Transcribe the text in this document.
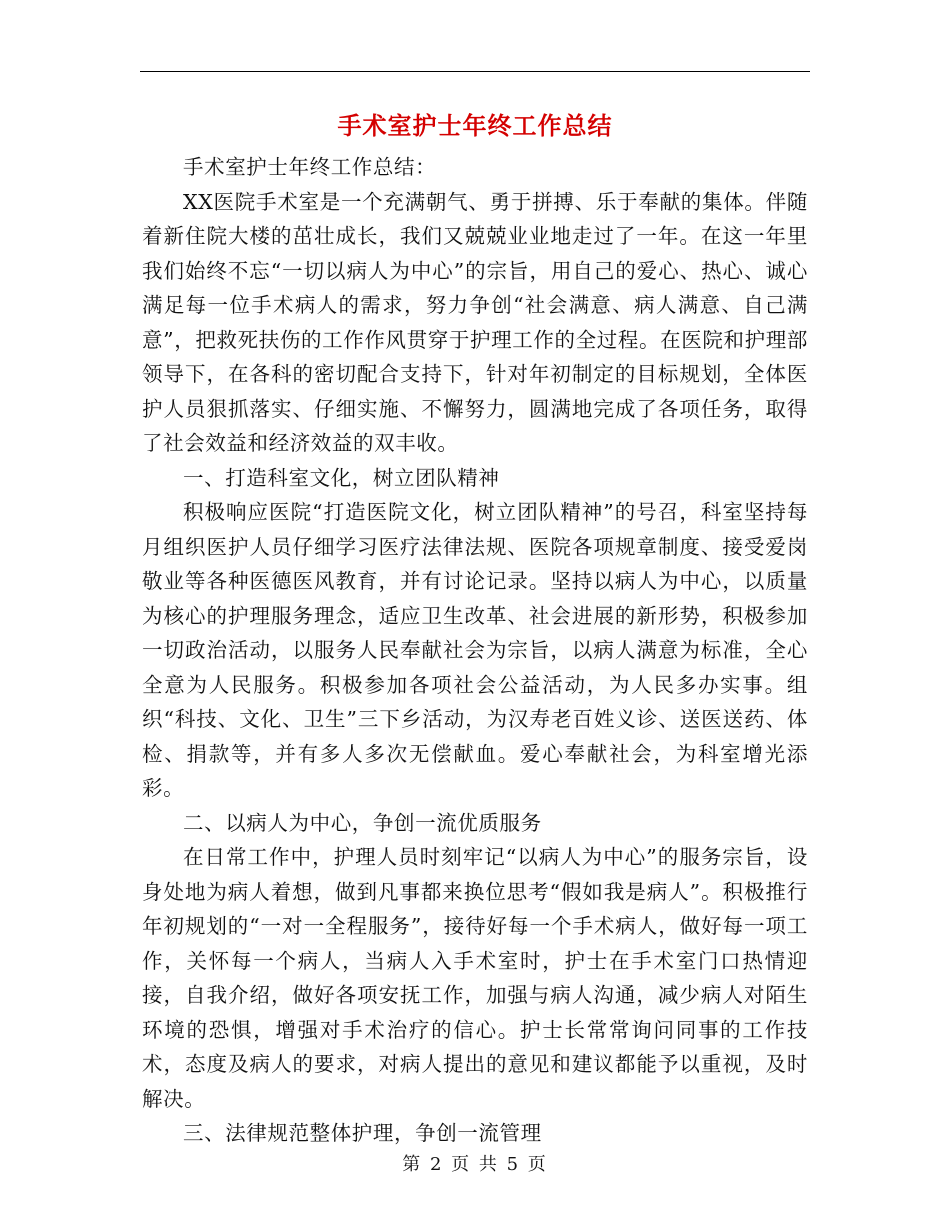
手术室护士年终工作总结

手术室护士年终工作总结：

XX医院手术室是一个充满朝气、勇于拼搏、乐于奉献的集体。伴随着新住院大楼的茁壮成长，我们又兢兢业业地走过了一年。在这一年里我们始终不忘“一切以病人为中心”的宗旨，用自己的爱心、热心、诚心满足每一位手术病人的需求，努力争创“社会满意、病人满意、自己满意”，把救死扶伤的工作作风贯穿于护理工作的全过程。在医院和护理部领导下，在各科的密切配合支持下，针对年初制定的目标规划，全体医护人员狠抓落实、仔细实施、不懈努力，圆满地完成了各项任务，取得了社会效益和经济效益的双丰收。

一、打造科室文化，树立团队精神

积极响应医院“打造医院文化，树立团队精神”的号召，科室坚持每月组织医护人员仔细学习医疗法律法规、医院各项规章制度、接受爱岗敬业等各种医德医风教育，并有讨论记录。坚持以病人为中心，以质量为核心的护理服务理念，适应卫生改革、社会进展的新形势，积极参加一切政治活动，以服务人民奉献社会为宗旨，以病人满意为标准，全心全意为人民服务。积极参加各项社会公益活动，为人民多办实事。组织“科技、文化、卫生”三下乡活动，为汉寿老百姓义诊、送医送药、体检、捐款等，并有多人多次无偿献血。爱心奉献社会，为科室增光添彩。

二、以病人为中心，争创一流优质服务

在日常工作中，护理人员时刻牢记“以病人为中心”的服务宗旨，设身处地为病人着想，做到凡事都来换位思考“假如我是病人”。积极推行年初规划的“一对一全程服务”，接待好每一个手术病人，做好每一项工作，关怀每一个病人，当病人入手术室时，护士在手术室门口热情迎接，自我介绍，做好各项安抚工作，加强与病人沟通，减少病人对陌生环境的恐惧，增强对手术治疗的信心。护士长常常询问同事的工作技术，态度及病人的要求，对病人提出的意见和建议都能予以重视，及时解决。

三、法律规范整体护理，争创一流管理

第 2 页 共 5 页
